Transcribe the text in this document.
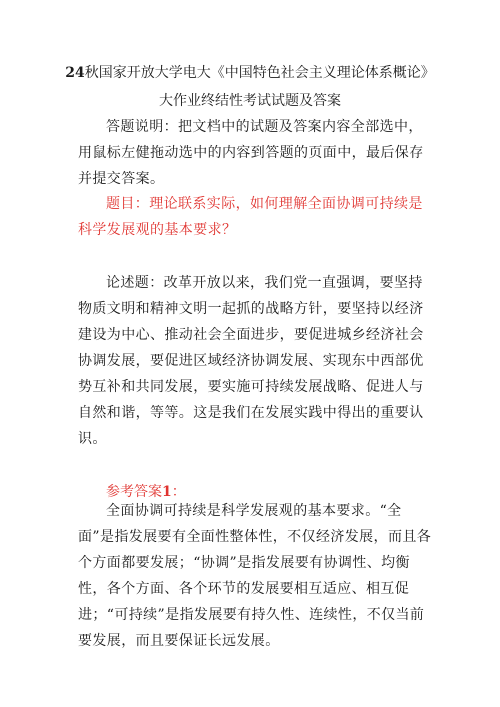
24秋国家开放大学电大《中国特色社会主义理论体系概论》
大作业终结性考试试题及答案
答题说明：把文档中的试题及答案内容全部选中，用鼠标左健拖动选中的内容到答题的页面中，最后保存并提交答案。
题目：理论联系实际，如何理解全面协调可持续是科学发展观的基本要求？
论述题：改革开放以来，我们党一直强调，要坚持物质文明和精神文明一起抓的战略方针，要坚持以经济建设为中心、推动社会全面进步，要促进城乡经济社会协调发展，要促进区域经济协调发展、实现东中西部优势互补和共同发展，要实施可持续发展战略、促进人与自然和谐，等等。这是我们在发展实践中得出的重要认识。
参考答案1：
全面协调可持续是科学发展观的基本要求。“全面”是指发展要有全面性整体性，不仅经济发展，而且各个方面都要发展；“协调”是指发展要有协调性、均衡性，各个方面、各个环节的发展要相互适应、相互促进；“可持续”是指发展要有持久性、连续性，不仅当前要发展，而且要保证长远发展。
